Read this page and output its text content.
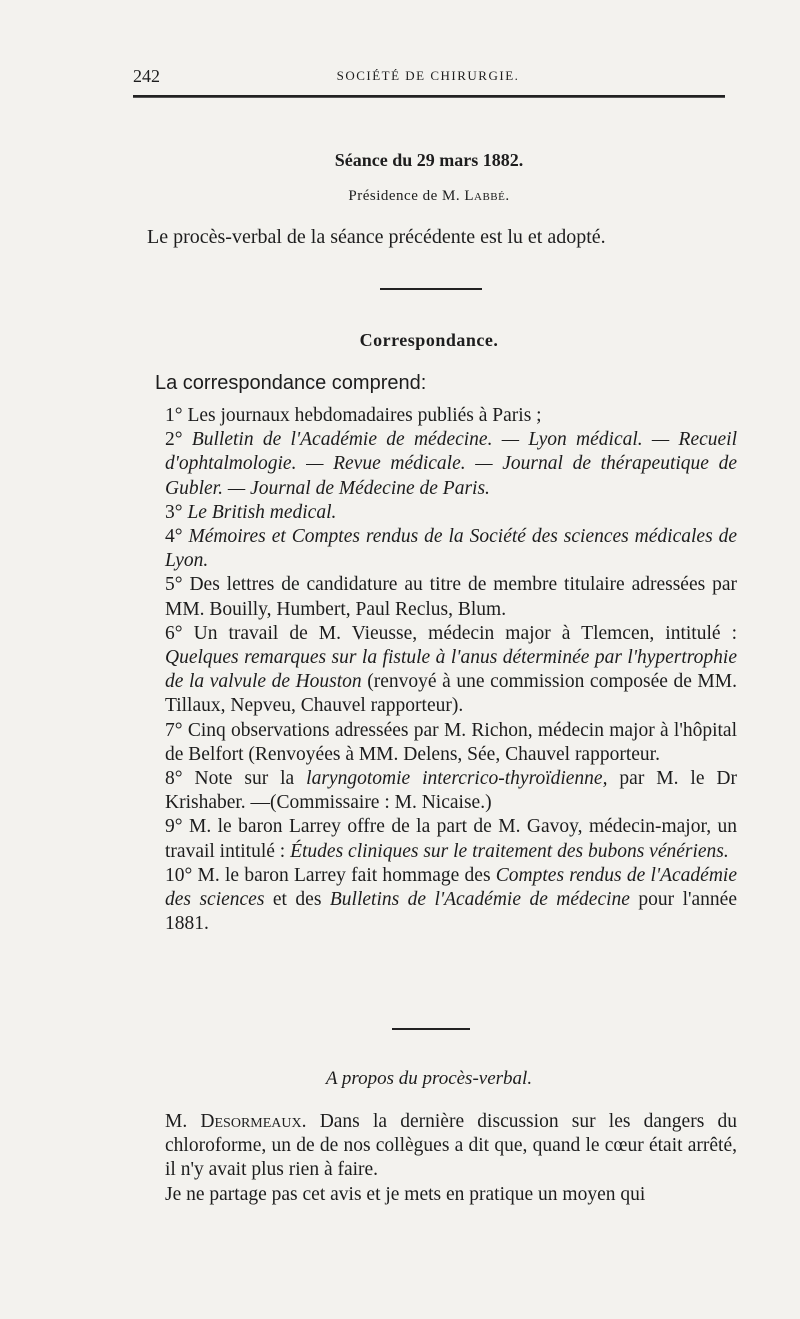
242	SOCIÉTÉ DE CHIRURGIE.
Séance du 29 mars 1882.
Présidence de M. Labbé.
Le procès-verbal de la séance précédente est lu et adopté.
Correspondance.
La correspondance comprend:

1° Les journaux hebdomadaires publiés à Paris ;

2° Bulletin de l'Académie de médecine. — Lyon médical. — Recueil d'ophtalmologie. — Revue médicale. — Journal de thérapeutique de Gubler. — Journal de Médecine de Paris.

3° Le British medical.

4° Mémoires et Comptes rendus de la Société des sciences médicales de Lyon.

5° Des lettres de candidature au titre de membre titulaire adressées par MM. Bouilly, Humbert, Paul Reclus, Blum.

6° Un travail de M. Vieusse, médecin major à Tlemcen, intitulé : Quelques remarques sur la fistule à l'anus déterminée par l'hypertrophie de la valvule de Houston (renvoyé à une commission composée de MM. Tillaux, Nepveu, Chauvel rapporteur).

7° Cinq observations adressées par M. Richon, médecin major à l'hôpital de Belfort (Renvoyées à MM. Delens, Sée, Chauvel rapporteur.

8° Note sur la laryngotomie intercrico-thyroïdienne, par M. le Dr Krishaber. —(Commissaire : M. Nicaise.)

9° M. le baron Larrey offre de la part de M. Gavoy, médecin-major, un travail intitulé : Études cliniques sur le traitement des bubons vénériens.

10° M. le baron Larrey fait hommage des Comptes rendus de l'Académie des sciences et des Bulletins de l'Académie de médecine pour l'année 1881.

A propos du procès-verbal.

M. Desormeaux. Dans la dernière discussion sur les dangers du chloroforme, un de de nos collègues a dit que, quand le cœur était arrêté, il n'y avait plus rien à faire.

Je ne partage pas cet avis et je mets en pratique un moyen qui
